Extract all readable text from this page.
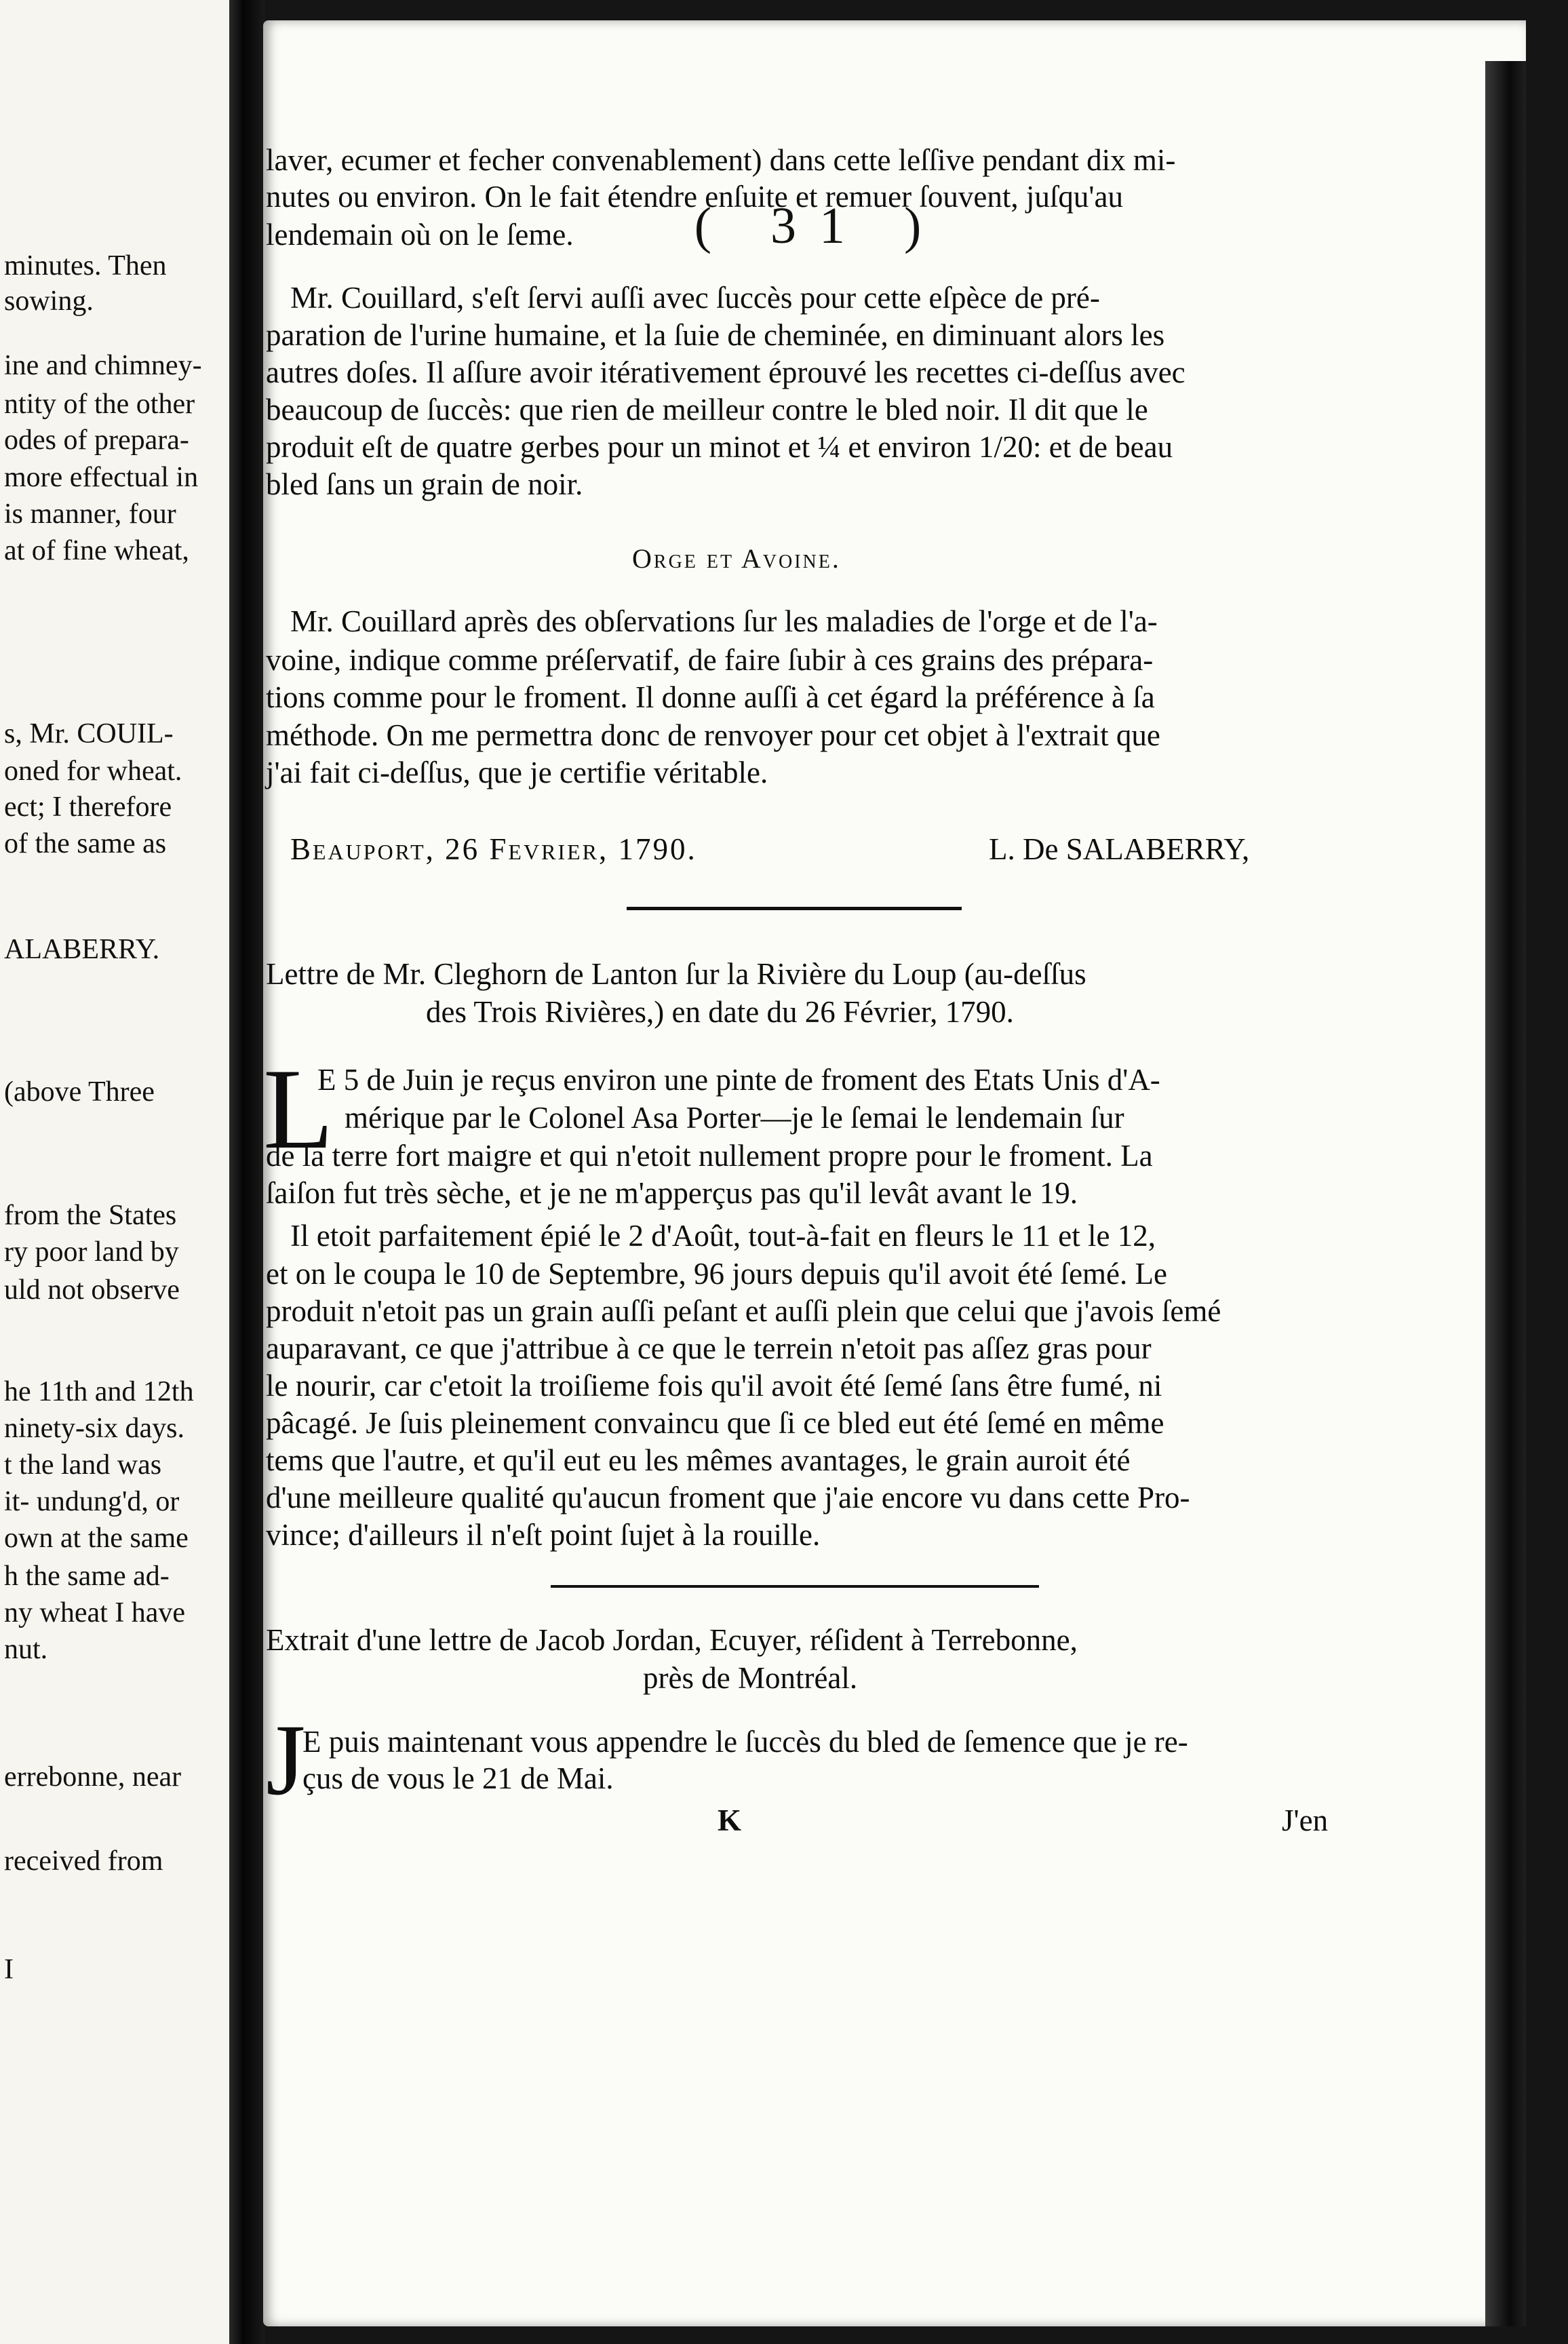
minutes. Then
sowing.
ine and chimney-
ntity of the other
odes of prepara-
more effectual in
is manner, four
at of fine wheat,
s, Mr. COUIL-
oned for wheat.
ect; I therefore
of the same as
ALABERRY.
(above Three
from the States
ry poor land by
uld not observe
he 11th and 12th
ninety-six days.
t the land was
it- undung'd, or
own at the same
h the same ad-
ny wheat I have
nut.
errebonne, near
received from
I
( 31 )
laver, ecumer et fecher convenablement) dans cette leſſive pendant dix mi-
nutes ou environ. On le fait étendre enſuite et remuer ſouvent, juſqu'au
lendemain où on le ſeme.
Mr. Couillard, s'eſt ſervi auſſi avec ſuccès pour cette eſpèce de pré-
paration de l'urine humaine, et la ſuie de cheminée, en diminuant alors les
autres doſes. Il aſſure avoir itérativement éprouvé les recettes ci-deſſus avec
beaucoup de ſuccès: que rien de meilleur contre le bled noir. Il dit que le
produit eſt de quatre gerbes pour un minot et ¼ et environ 1/20: et de beau
bled ſans un grain de noir.
Orge et Avoine.
Mr. Couillard après des obſervations ſur les maladies de l'orge et de l'a-
voine, indique comme préſervatif, de faire ſubir à ces grains des prépara-
tions comme pour le froment. Il donne auſſi à cet égard la préférence à ſa
méthode. On me permettra donc de renvoyer pour cet objet à l'extrait que
j'ai fait ci-deſſus, que je certifie véritable.
Beauport, 26 Fevrier, 1790.	L. De SALABERRY,
Lettre de Mr. Cleghorn de Lanton ſur la Rivière du Loup (au-deſſus
des Trois Rivières,) en date du 26 Février, 1790.
L
E 5 de Juin je reçus environ une pinte de froment des Etats Unis d'A-
mérique par le Colonel Asa Porter—je le ſemai le lendemain ſur
de la terre fort maigre et qui n'etoit nullement propre pour le froment. La
ſaiſon fut très sèche, et je ne m'apperçus pas qu'il levât avant le 19.
Il etoit parfaitement épié le 2 d'Août, tout-à-fait en fleurs le 11 et le 12,
et on le coupa le 10 de Septembre, 96 jours depuis qu'il avoit été ſemé. Le
produit n'etoit pas un grain auſſi peſant et auſſi plein que celui que j'avois ſemé
auparavant, ce que j'attribue à ce que le terrein n'etoit pas aſſez gras pour
le nourir, car c'etoit la troiſieme fois qu'il avoit été ſemé ſans être fumé, ni
pâcagé. Je ſuis pleinement convaincu que ſi ce bled eut été ſemé en même
tems que l'autre, et qu'il eut eu les mêmes avantages, le grain auroit été
d'une meilleure qualité qu'aucun froment que j'aie encore vu dans cette Pro-
vince; d'ailleurs il n'eſt point ſujet à la rouille.
Extrait d'une lettre de Jacob Jordan, Ecuyer, réſident à Terrebonne,
près de Montréal.
J
E puis maintenant vous appendre le ſuccès du bled de ſemence que je re-
çus de vous le 21 de Mai.
K	J'en
